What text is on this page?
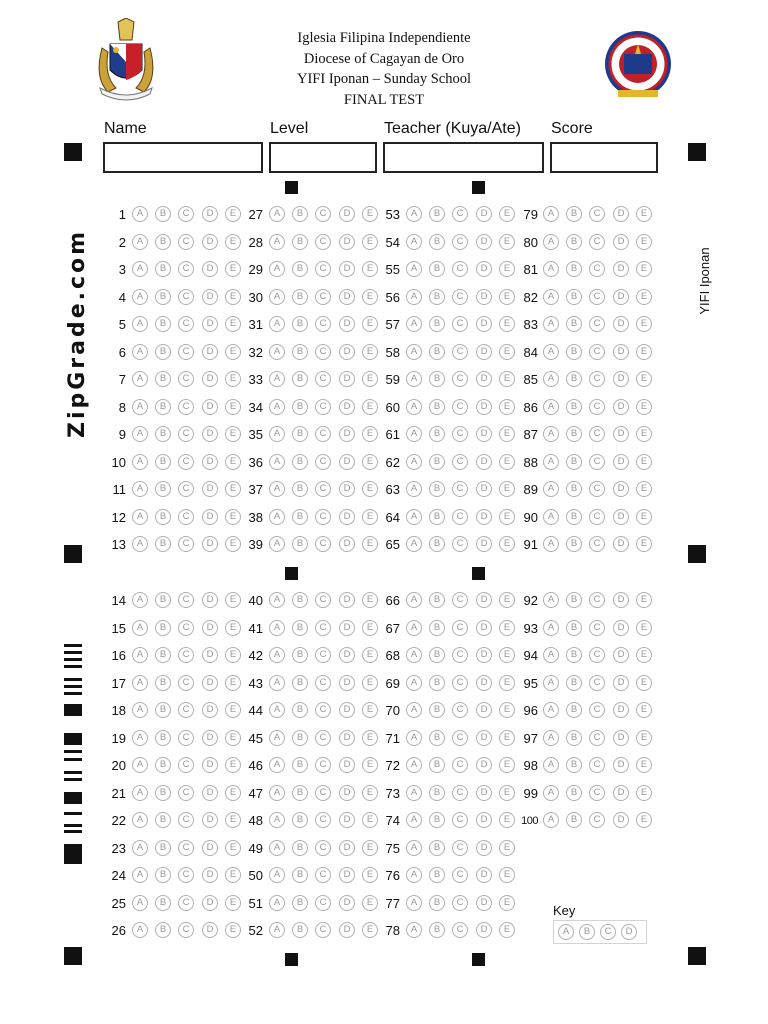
Iglesia Filipina Independiente
Diocese of Cagayan de Oro
YIFI Iponan – Sunday School
FINAL TEST
Name	Level	Teacher (Kuya/Ate) Score
ZipGrade.com	YIFI Iponan
1	A	B	C	D	E
2	A	B	C	D	E
3	A	B	C	D	E
4	A	B	C	D	E
5	A	B	C	D	E
6	A	B	C	D	E
7	A	B	C	D	E
8	A	B	C	D	E
9	A	B	C	D	E
10	A	B	C	D	E
11	A	B	C	D	E
12	A	B	C	D	E
13	A	B	C	D	E
14	A	B	C	D	E
15	A	B	C	D	E
16	A	B	C	D	E
17	A	B	C	D	E
18	A	B	C	D	E
19	A	B	C	D	E
20	A	B	C	D	E
21	A	B	C	D	E
22	A	B	C	D	E
23	A	B	C	D	E
24	A	B	C	D	E
25	A	B	C	D	E
26	A	B	C	D	E
27	A	B	C	D	E
28	A	B	C	D	E
29	A	B	C	D	E
30	A	B	C	D	E
31	A	B	C	D	E
32	A	B	C	D	E
33	A	B	C	D	E
34	A	B	C	D	E
35	A	B	C	D	E
36	A	B	C	D	E
37	A	B	C	D	E
38	A	B	C	D	E
39	A	B	C	D	E
40	A	B	C	D	E
41	A	B	C	D	E
42	A	B	C	D	E
43	A	B	C	D	E
44	A	B	C	D	E
45	A	B	C	D	E
46	A	B	C	D	E
47	A	B	C	D	E
48	A	B	C	D	E
49	A	B	C	D	E
50	A	B	C	D	E
51	A	B	C	D	E
52	A	B	C	D	E
53	A	B	C	D	E
54	A	B	C	D	E
55	A	B	C	D	E
56	A	B	C	D	E
57	A	B	C	D	E
58	A	B	C	D	E
59	A	B	C	D	E
60	A	B	C	D	E
61	A	B	C	D	E
62	A	B	C	D	E
63	A	B	C	D	E
64	A	B	C	D	E
65	A	B	C	D	E
66	A	B	C	D	E
67	A	B	C	D	E
68	A	B	C	D	E
69	A	B	C	D	E
70	A	B	C	D	E
71	A	B	C	D	E
72	A	B	C	D	E
73	A	B	C	D	E
74	A	B	C	D	E
75	A	B	C	D	E
76	A	B	C	D	E
77	A	B	C	D	E
78	A	B	C	D	E
79	A	B	C	D	E
80	A	B	C	D	E
81	A	B	C	D	E
82	A	B	C	D	E
83	A	B	C	D	E
84	A	B	C	D	E
85	A	B	C	D	E
86	A	B	C	D	E
87	A	B	C	D	E
88	A	B	C	D	E
89	A	B	C	D	E
90	A	B	C	D	E
91	A	B	C	D	E
92	A	B	C	D	E
93	A	B	C	D	E
94	A	B	C	D	E
95	A	B	C	D	E
96	A	B	C	D	E
97	A	B	C	D	E
98	A	B	C	D	E
99	A	B	C	D	E
100	A	B	C	D	E
Key
A	B	C	D
